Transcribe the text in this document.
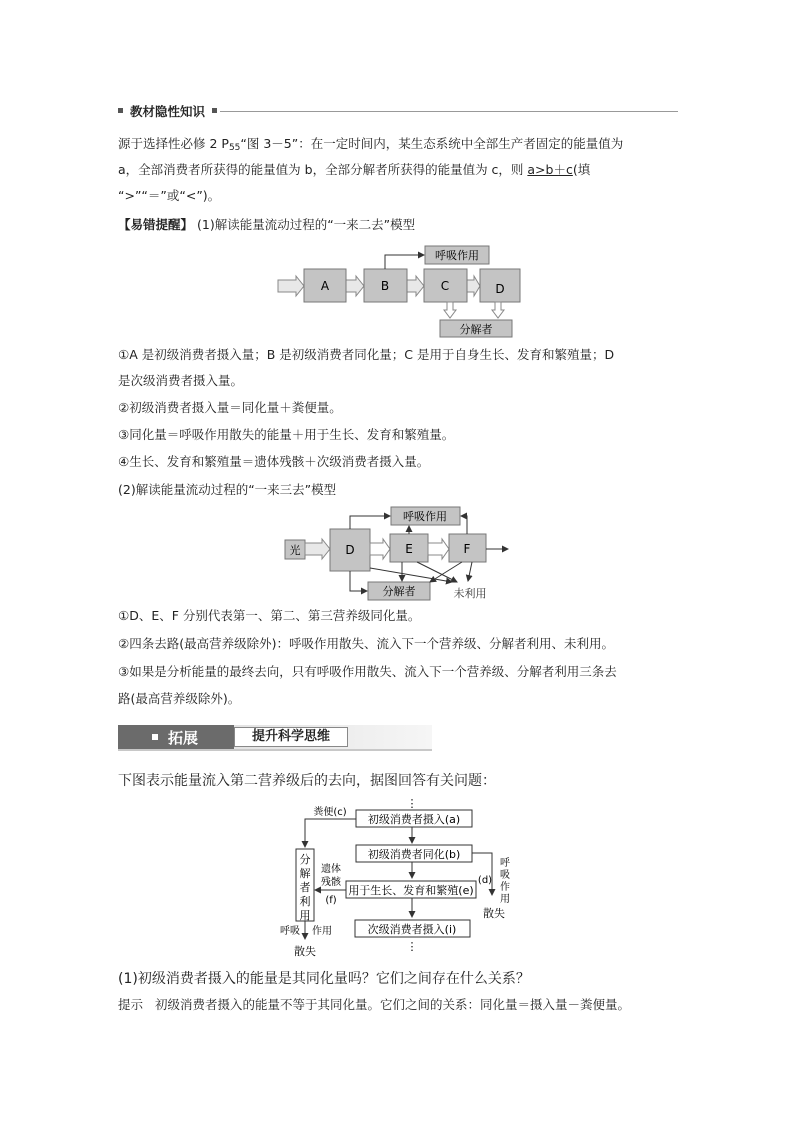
教材隐性知识
源于选择性必修 2 $P_{55}“$图 3－5”：在一定时间内，某生态系统中全部生产者固定的能量值为
a，全部消费者所获得的能量值为 b，全部分解者所获得的能量值为 c，则 a>b＋c(填
“>”“＝”或“<”)。
【易错提醒】 (1)解读能量流动过程的“一来二去”模型
A	B	C	D
呼吸作用
分解者
①A 是初级消费者摄入量；B 是初级消费者同化量；C 是用于自身生长、发育和繁殖量；D
是次级消费者摄入量。
②初级消费者摄入量＝同化量＋粪便量。
③同化量＝呼吸作用散失的能量＋用于生长、发育和繁殖量。
④生长、发育和繁殖量＝遗体残骸＋次级消费者摄入量。
(2)解读能量流动过程的“一来三去”模型
光	D	E	F
呼吸作用
分解者	未利用
①D、E、F 分别代表第一、第二、第三营养级同化量。
②四条去路(最高营养级除外)：呼吸作用散失、流入下一个营养级、分解者利用、未利用。
③如果是分析能量的最终去向，只有呼吸作用散失、流入下一个营养级、分解者利用三条去
路(最高营养级除外)。
拓展	提升科学思维
下图表示能量流入第二营养级后的去向，据图回答有关问题：
⋮
初级消费者摄入(a)
初级消费者同化(b)
用于生长、发育和繁殖(e)
次级消费者摄入(i)
⋮
分
解
者
利
用
粪便(c)
遗体
残骸
(f)
呼吸 作用
散失
(d)
呼
吸
作
用
散失
(1)初级消费者摄入的能量是其同化量吗？它们之间存在什么关系？
提示 初级消费者摄入的能量不等于其同化量。它们之间的关系：同化量＝摄入量－粪便量。
